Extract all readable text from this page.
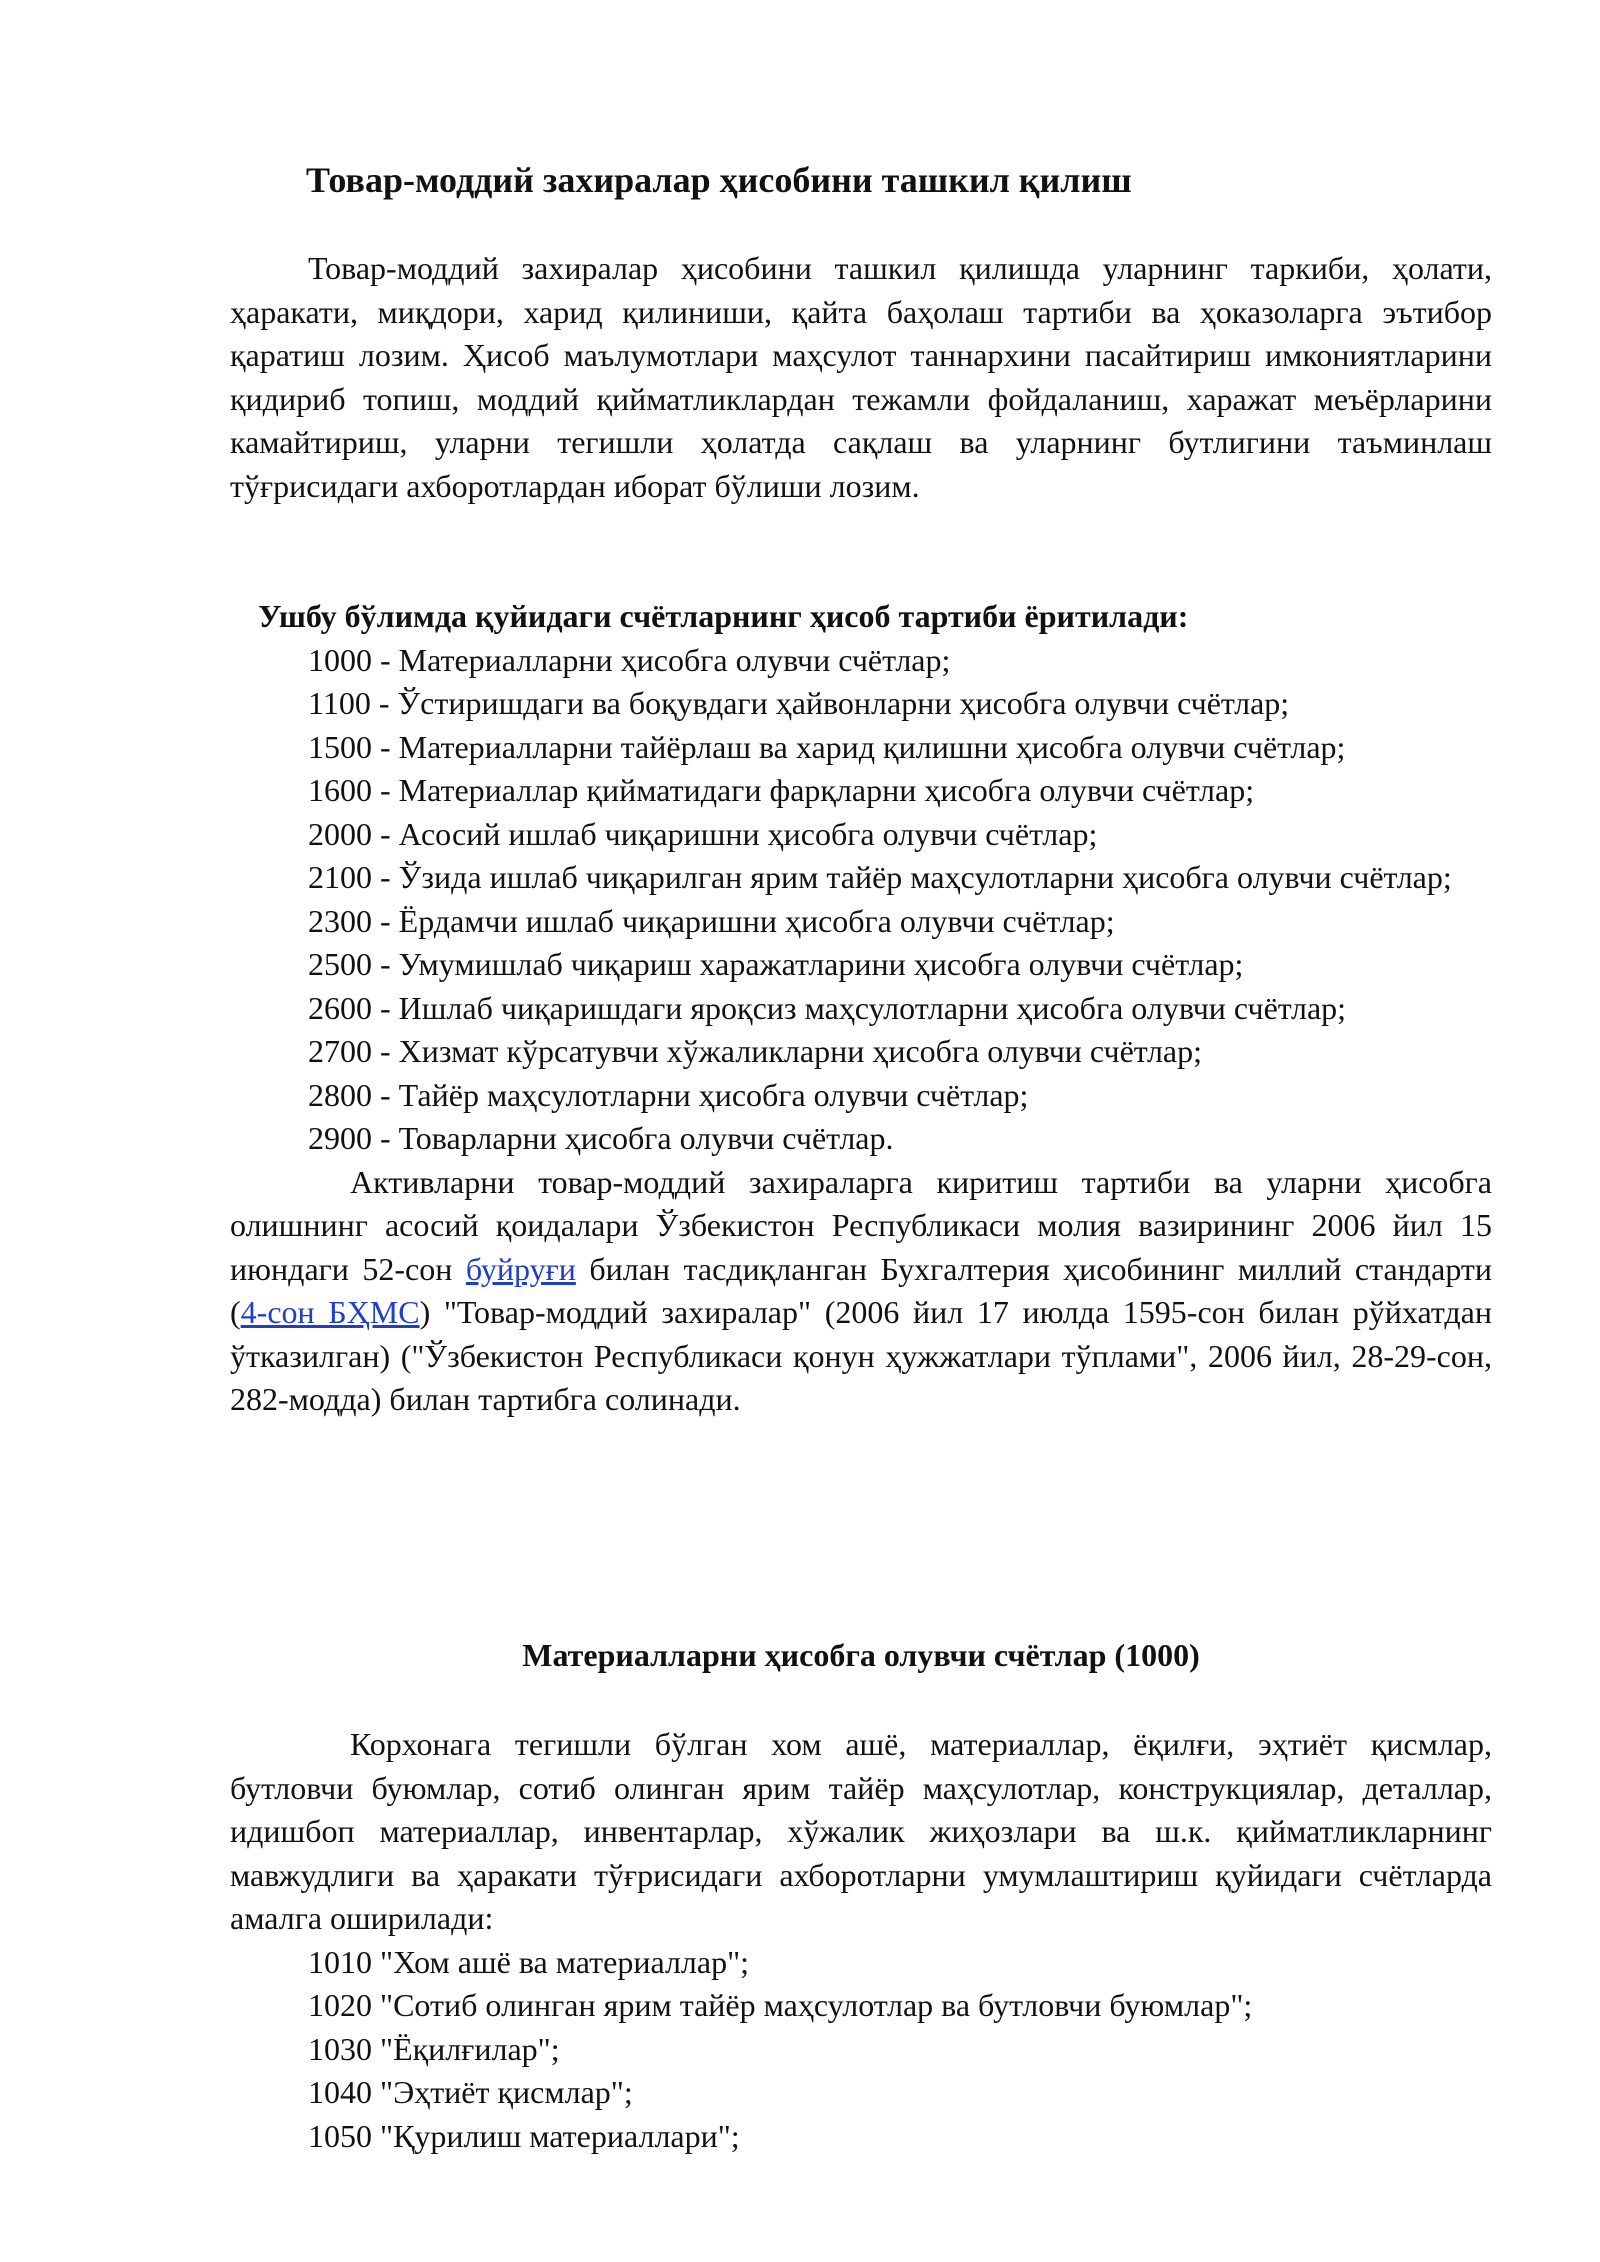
Товар-моддий захиралар ҳисобини ташкил қилиш

Товар-моддий захиралар ҳисобини ташкил қилишда уларнинг таркиби, ҳолати, ҳаракати, миқдори, харид қилиниши, қайта баҳолаш тартиби ва ҳоказоларга эътибор қаратиш лозим. Ҳисоб маълумотлари маҳсулот таннархини пасайтириш имкониятларини қидириб топиш, моддий қийматликлардан тежамли фойдаланиш, харажат меъёрларини камайтириш, уларни тегишли ҳолатда сақлаш ва уларнинг бутлигини таъминлаш тўғрисидаги ахборотлардан иборат бўлиши лозим.

Ушбу бўлимда қуйидаги счётларнинг ҳисоб тартиби ёритилади:

1000 - Материалларни ҳисобга олувчи счётлар;
1100 - Ўстиришдаги ва боқувдаги ҳайвонларни ҳисобга олувчи счётлар;
1500 - Материалларни тайёрлаш ва харид қилишни ҳисобга олувчи счётлар;
1600 - Материаллар қийматидаги фарқларни ҳисобга олувчи счётлар;
2000 - Асосий ишлаб чиқаришни ҳисобга олувчи счётлар;
2100 - Ўзида ишлаб чиқарилган ярим тайёр маҳсулотларни ҳисобга олувчи счётлар;
2300 - Ёрдамчи ишлаб чиқаришни ҳисобга олувчи счётлар;
2500 - Умумишлаб чиқариш харажатларини ҳисобга олувчи счётлар;
2600 - Ишлаб чиқаришдаги яроқсиз маҳсулотларни ҳисобга олувчи счётлар;
2700 - Хизмат кўрсатувчи хўжаликларни ҳисобга олувчи счётлар;
2800 - Тайёр маҳсулотларни ҳисобга олувчи счётлар;
2900 - Товарларни ҳисобга олувчи счётлар.

Активларни товар-моддий захираларга киритиш тартиби ва уларни ҳисобга олишнинг асосий қоидалари Ўзбекистон Республикаси молия вазирининг 2006 йил 15 июндаги 52-сон буйруғи билан тасдиқланган Бухгалтерия ҳисобининг миллий стандарти (4-сон БҲМС) "Товар-моддий захиралар" (2006 йил 17 июлда 1595-сон билан рўйхатдан ўтказилган) ("Ўзбекистон Республикаси қонун ҳужжатлари тўплами", 2006 йил, 28-29-сон, 282-модда) билан тартибга солинади.

Материалларни ҳисобга олувчи счётлар (1000)

Корхонага тегишли бўлган хом ашё, материаллар, ёқилғи, эҳтиёт қисмлар, бутловчи буюмлар, сотиб олинган ярим тайёр маҳсулотлар, конструкциялар, деталлар, идишбоп материаллар, инвентарлар, хўжалик жиҳозлари ва ш.к. қийматликларнинг мавжудлиги ва ҳаракати тўғрисидаги ахборотларни умумлаштириш қуйидаги счётларда амалга оширилади:

1010 "Хом ашё ва материаллар";
1020 "Сотиб олинган ярим тайёр маҳсулотлар ва бутловчи буюмлар";
1030 "Ёқилғилар";
1040 "Эҳтиёт қисмлар";
1050 "Қурилиш материаллари";
